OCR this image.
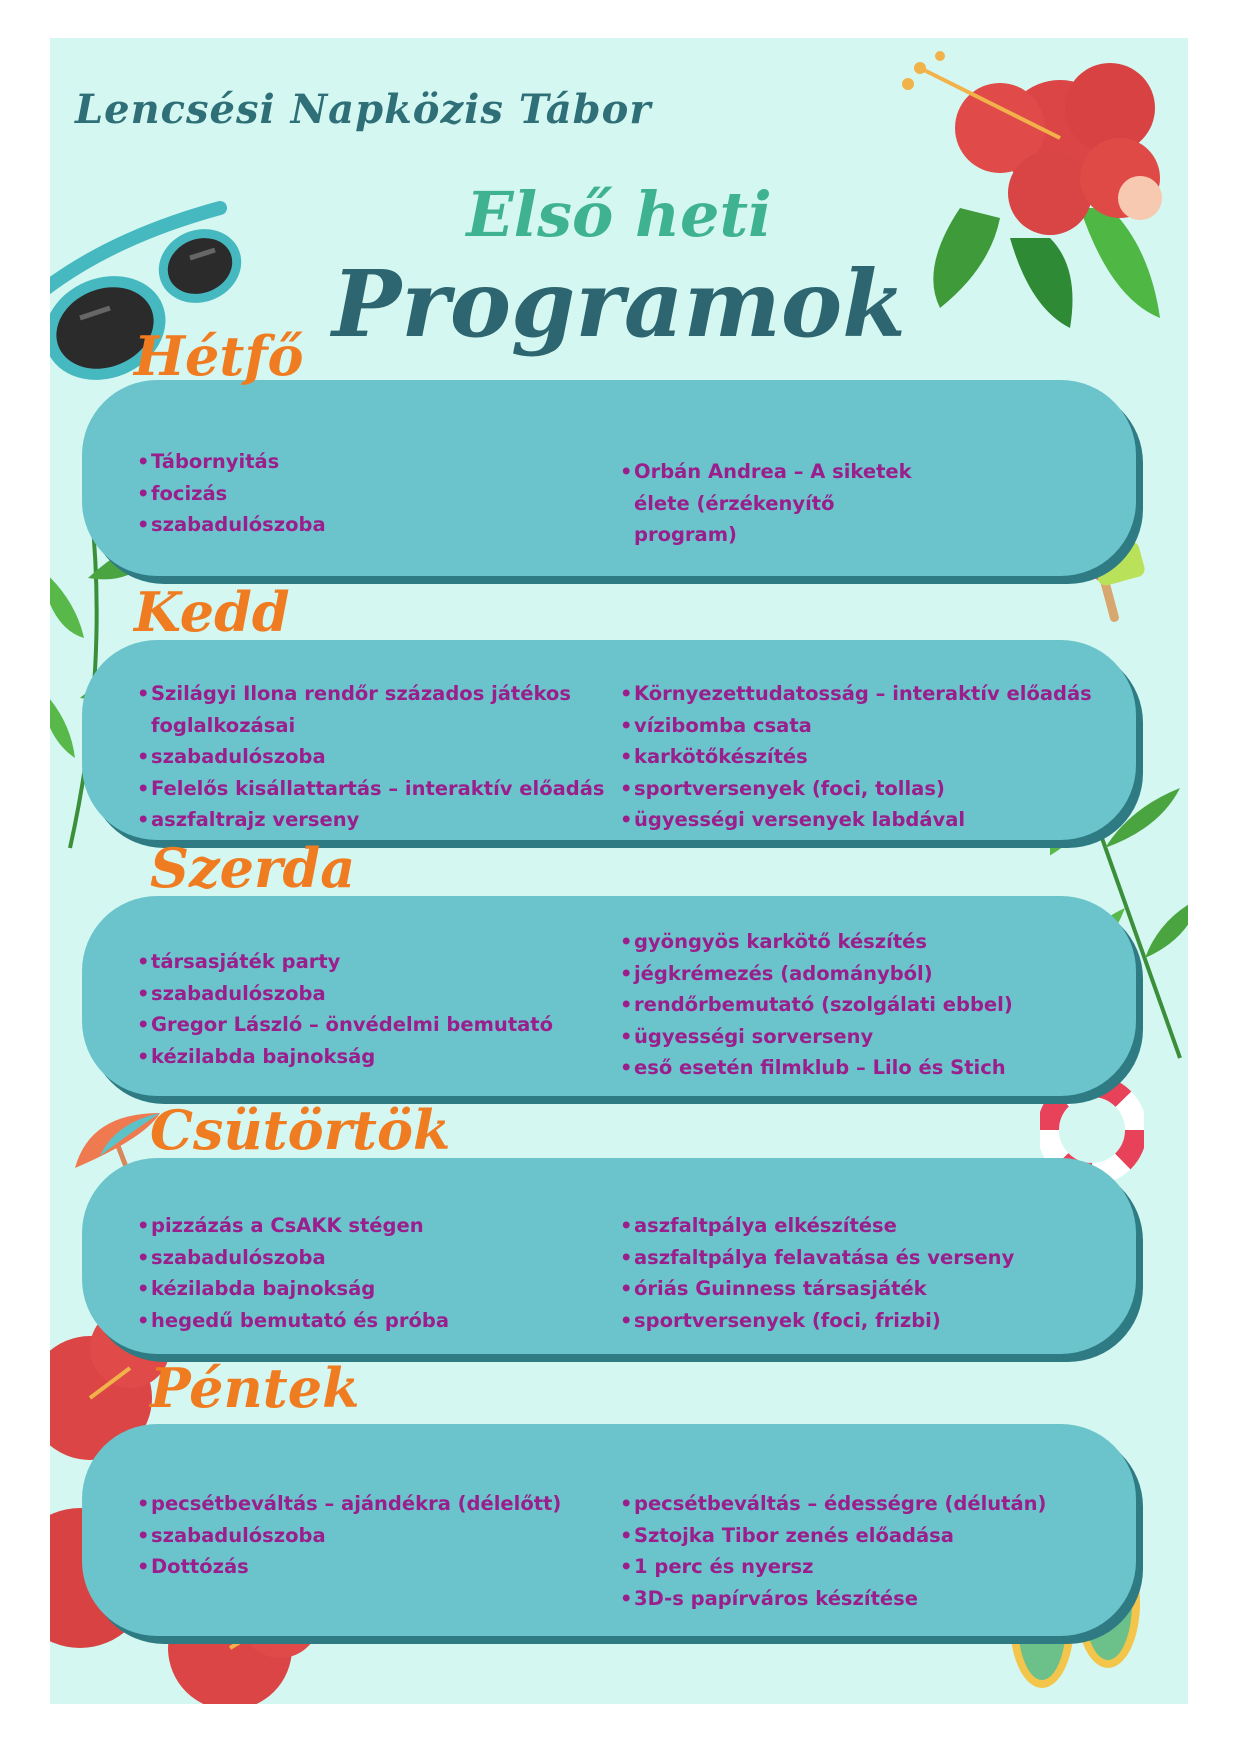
Lencsési Napközis Tábor
Első heti
Programok
• Tábornyitás
• focizás
• szabadulószoba
• Orbán Andrea – A siketek élete (érzékenyítő program)
Hétfő
• Szilágyi Ilona rendőr százados játékos foglalkozásai
• szabadulószoba
• Felelős kisállattartás – interaktív előadás
• aszfaltrajz verseny
• Környezettudatosság – interaktív előadás
• vízibomba csata
• karkötőkészítés
• sportversenyek (foci, tollas)
• ügyességi versenyek labdával
Kedd
• társasjáték party
• szabadulószoba
• Gregor László – önvédelmi bemutató
• kézilabda bajnokság
• gyöngyös karkötő készítés
• jégkrémezés (adományból)
• rendőrbemutató (szolgálati ebbel)
• ügyességi sorverseny
• eső esetén filmklub – Lilo és Stich
Szerda
• pizzázás a CsAKK stégen
• szabadulószoba
• kézilabda bajnokság
• hegedű bemutató és próba
• aszfaltpálya elkészítése
• aszfaltpálya felavatása és verseny
• óriás Guinness társasjáték
• sportversenyek (foci, frizbi)
Csütörtök
• pecsétbeváltás – ajándékra (délelőtt)
• szabadulószoba
• Dottózás
• pecsétbeváltás – édességre (délután)
• Sztojka Tibor zenés előadása
• 1 perc és nyersz
• 3D-s papírváros készítése
Péntek
